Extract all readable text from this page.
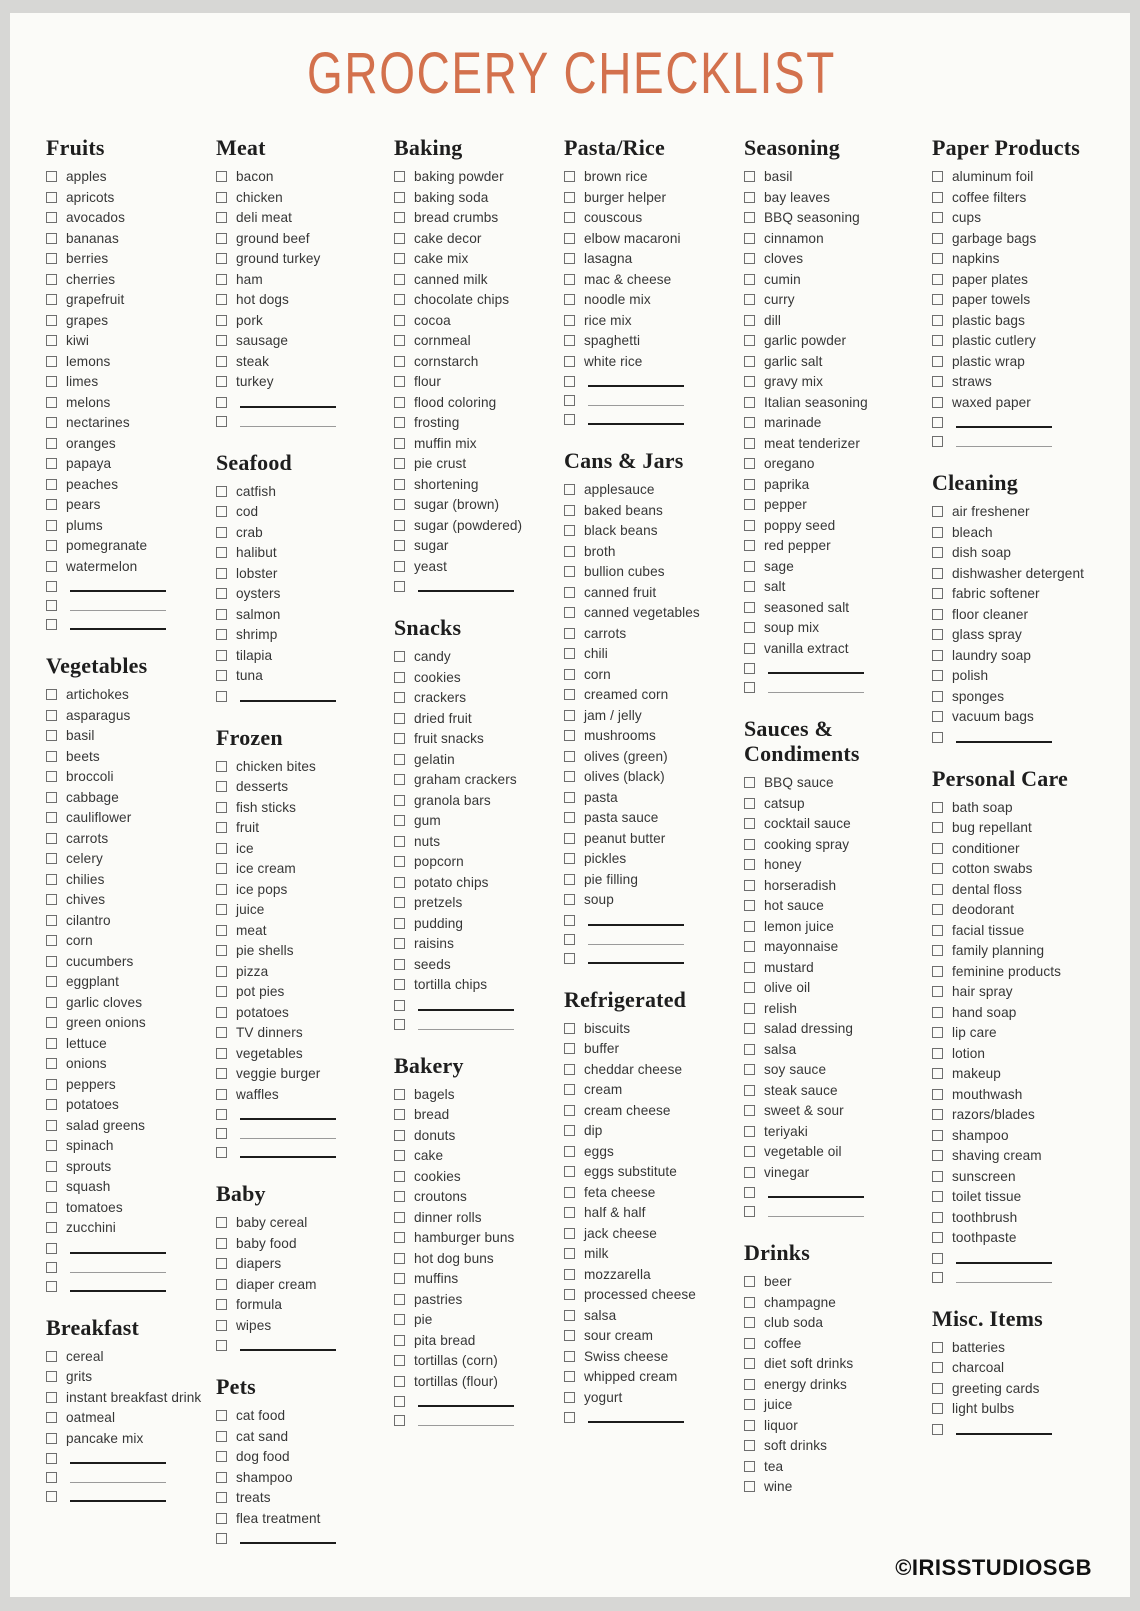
GROCERY CHECKLIST
Fruits
apples
apricots
avocados
bananas
berries
cherries
grapefruit
grapes
kiwi
lemons
limes
melons
nectarines
oranges
papaya
peaches
pears
plums
pomegranate
watermelon
Vegetables
artichokes
asparagus
basil
beets
broccoli
cabbage
cauliflower
carrots
celery
chilies
chives
cilantro
corn
cucumbers
eggplant
garlic cloves
green onions
lettuce
onions
peppers
potatoes
salad greens
spinach
sprouts
squash
tomatoes
zucchini
Breakfast
cereal
grits
instant breakfast drink
oatmeal
pancake mix
Meat
bacon
chicken
deli meat
ground beef
ground turkey
ham
hot dogs
pork
sausage
steak
turkey
Seafood
catfish
cod
crab
halibut
lobster
oysters
salmon
shrimp
tilapia
tuna
Frozen
chicken bites
desserts
fish sticks
fruit
ice
ice cream
ice pops
juice
meat
pie shells
pizza
pot pies
potatoes
TV dinners
vegetables
veggie burger
waffles
Baby
baby cereal
baby food
diapers
diaper cream
formula
wipes
Pets
cat food
cat sand
dog food
shampoo
treats
flea treatment
Baking
baking powder
baking soda
bread crumbs
cake decor
cake mix
canned milk
chocolate chips
cocoa
cornmeal
cornstarch
flour
flood coloring
frosting
muffin mix
pie crust
shortening
sugar (brown)
sugar (powdered)
sugar
yeast
Snacks
candy
cookies
crackers
dried fruit
fruit snacks
gelatin
graham crackers
granola bars
gum
nuts
popcorn
potato chips
pretzels
pudding
raisins
seeds
tortilla chips
Bakery
bagels
bread
donuts
cake
cookies
croutons
dinner rolls
hamburger buns
hot dog buns
muffins
pastries
pie
pita bread
tortillas (corn)
tortillas (flour)
Pasta/Rice
brown rice
burger helper
couscous
elbow macaroni
lasagna
mac & cheese
noodle mix
rice mix
spaghetti
white rice
Cans & Jars
applesauce
baked beans
black beans
broth
bullion cubes
canned fruit
canned vegetables
carrots
chili
corn
creamed corn
jam / jelly
mushrooms
olives (green)
olives (black)
pasta
pasta sauce
peanut butter
pickles
pie filling
soup
Refrigerated
biscuits
buffer
cheddar cheese
cream
cream cheese
dip
eggs
eggs substitute
feta cheese
half & half
jack cheese
milk
mozzarella
processed cheese
salsa
sour cream
Swiss cheese
whipped cream
yogurt
Seasoning
basil
bay leaves
BBQ seasoning
cinnamon
cloves
cumin
curry
dill
garlic powder
garlic salt
gravy mix
Italian seasoning
marinade
meat tenderizer
oregano
paprika
pepper
poppy seed
red pepper
sage
salt
seasoned salt
soup mix
vanilla extract
Sauces & Condiments
BBQ sauce
catsup
cocktail sauce
cooking spray
honey
horseradish
hot sauce
lemon juice
mayonnaise
mustard
olive oil
relish
salad dressing
salsa
soy sauce
steak sauce
sweet & sour
teriyaki
vegetable oil
vinegar
Drinks
beer
champagne
club soda
coffee
diet soft drinks
energy drinks
juice
liquor
soft drinks
tea
wine
Paper Products
aluminum foil
coffee filters
cups
garbage bags
napkins
paper plates
paper towels
plastic bags
plastic cutlery
plastic wrap
straws
waxed paper
Cleaning
air freshener
bleach
dish soap
dishwasher detergent
fabric softener
floor cleaner
glass spray
laundry soap
polish
sponges
vacuum bags
Personal Care
bath soap
bug repellant
conditioner
cotton swabs
dental floss
deodorant
facial tissue
family planning
feminine products
hair spray
hand soap
lip care
lotion
makeup
mouthwash
razors/blades
shampoo
shaving cream
sunscreen
toilet tissue
toothbrush
toothpaste
Misc. Items
batteries
charcoal
greeting cards
light bulbs
©IRISSTUDIOSGB
